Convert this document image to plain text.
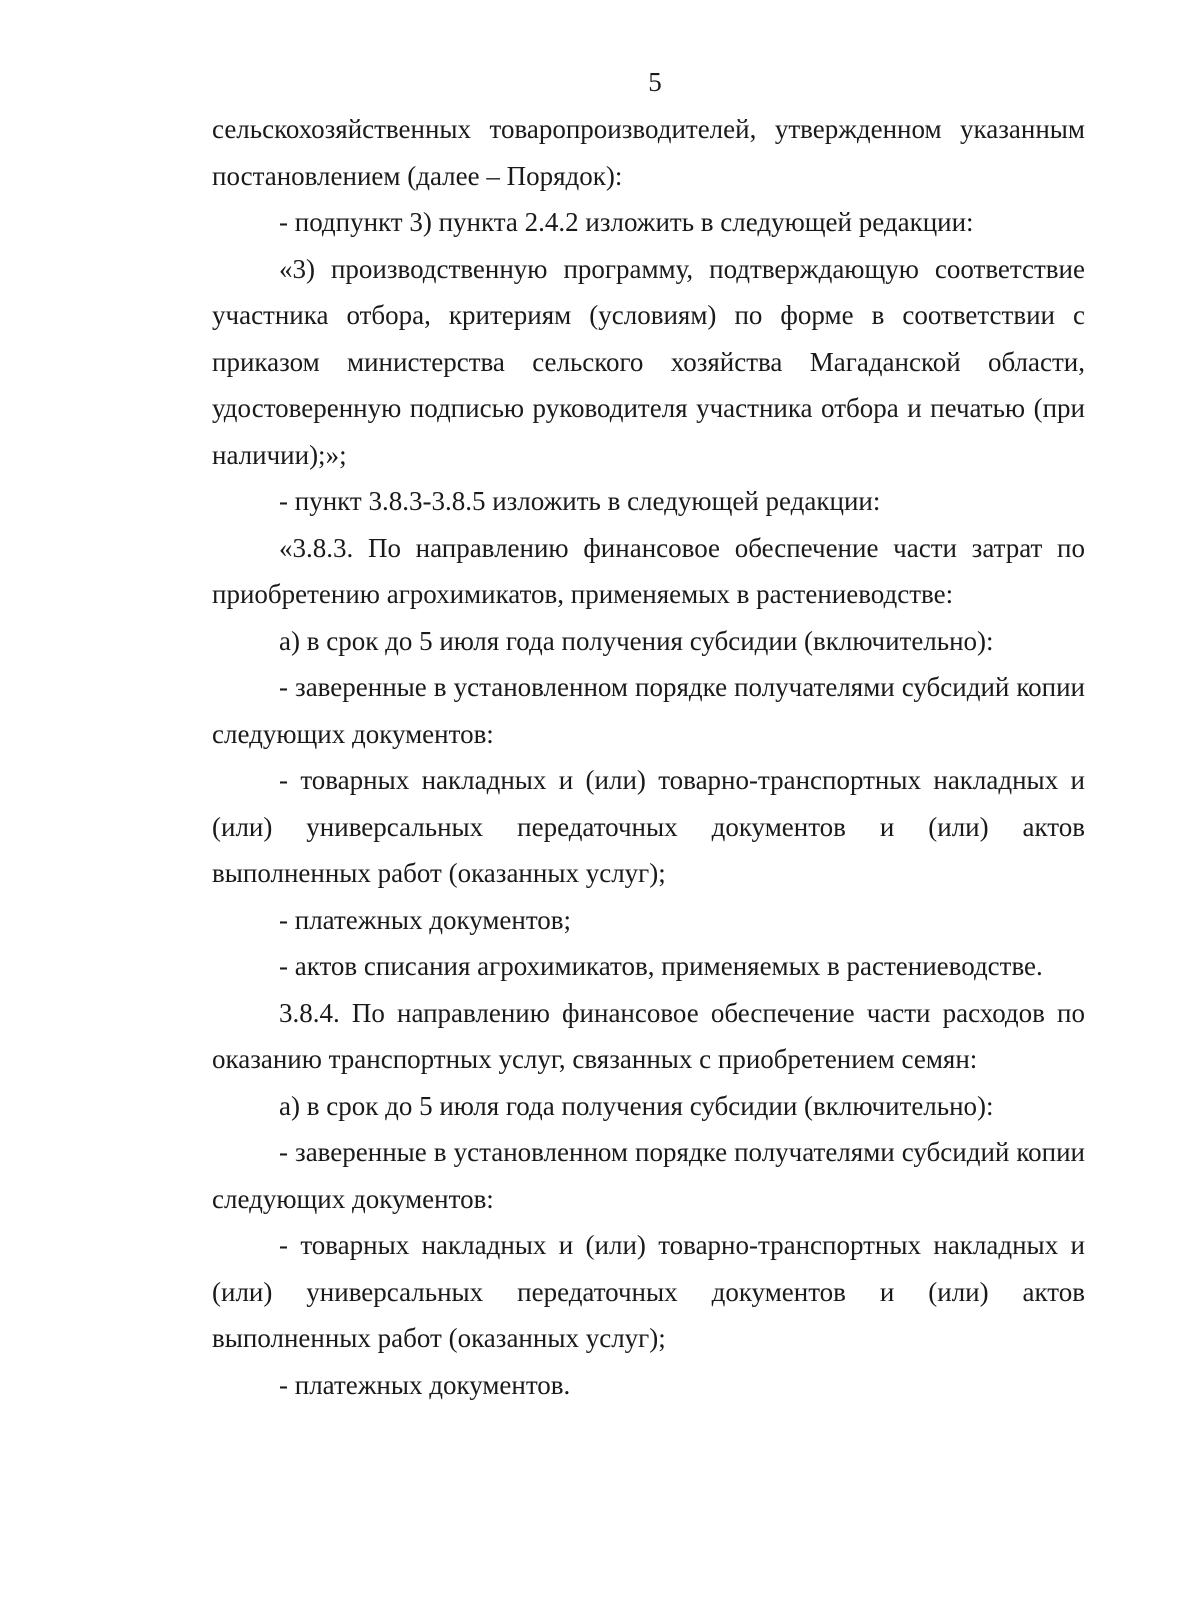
5

сельскохозяйственных товаропроизводителей, утвержденном указанным постановлением (далее – Порядок):

- подпункт 3) пункта 2.4.2 изложить в следующей редакции:

«3) производственную программу, подтверждающую соответствие участника отбора, критериям (условиям) по форме в соответствии с приказом министерства сельского хозяйства Магаданской области, удостоверенную подписью руководителя участника отбора и печатью (при наличии);»;

- пункт 3.8.3-3.8.5 изложить в следующей редакции:

«3.8.3. По направлению финансовое обеспечение части затрат по приобретению агрохимикатов, применяемых в растениеводстве:

а) в срок до 5 июля года получения субсидии (включительно):

- заверенные в установленном порядке получателями субсидий копии следующих документов:

- товарных накладных и (или) товарно-транспортных накладных и (или) универсальных передаточных документов и (или) актов выполненных работ (оказанных услуг);

- платежных документов;

- актов списания агрохимикатов, применяемых в растениеводстве.

3.8.4. По направлению финансовое обеспечение части расходов по оказанию транспортных услуг, связанных с приобретением семян:

а) в срок до 5 июля года получения субсидии (включительно):

- заверенные в установленном порядке получателями субсидий копии следующих документов:

- товарных накладных и (или) товарно-транспортных накладных и (или) универсальных передаточных документов и (или) актов выполненных работ (оказанных услуг);

- платежных документов.
